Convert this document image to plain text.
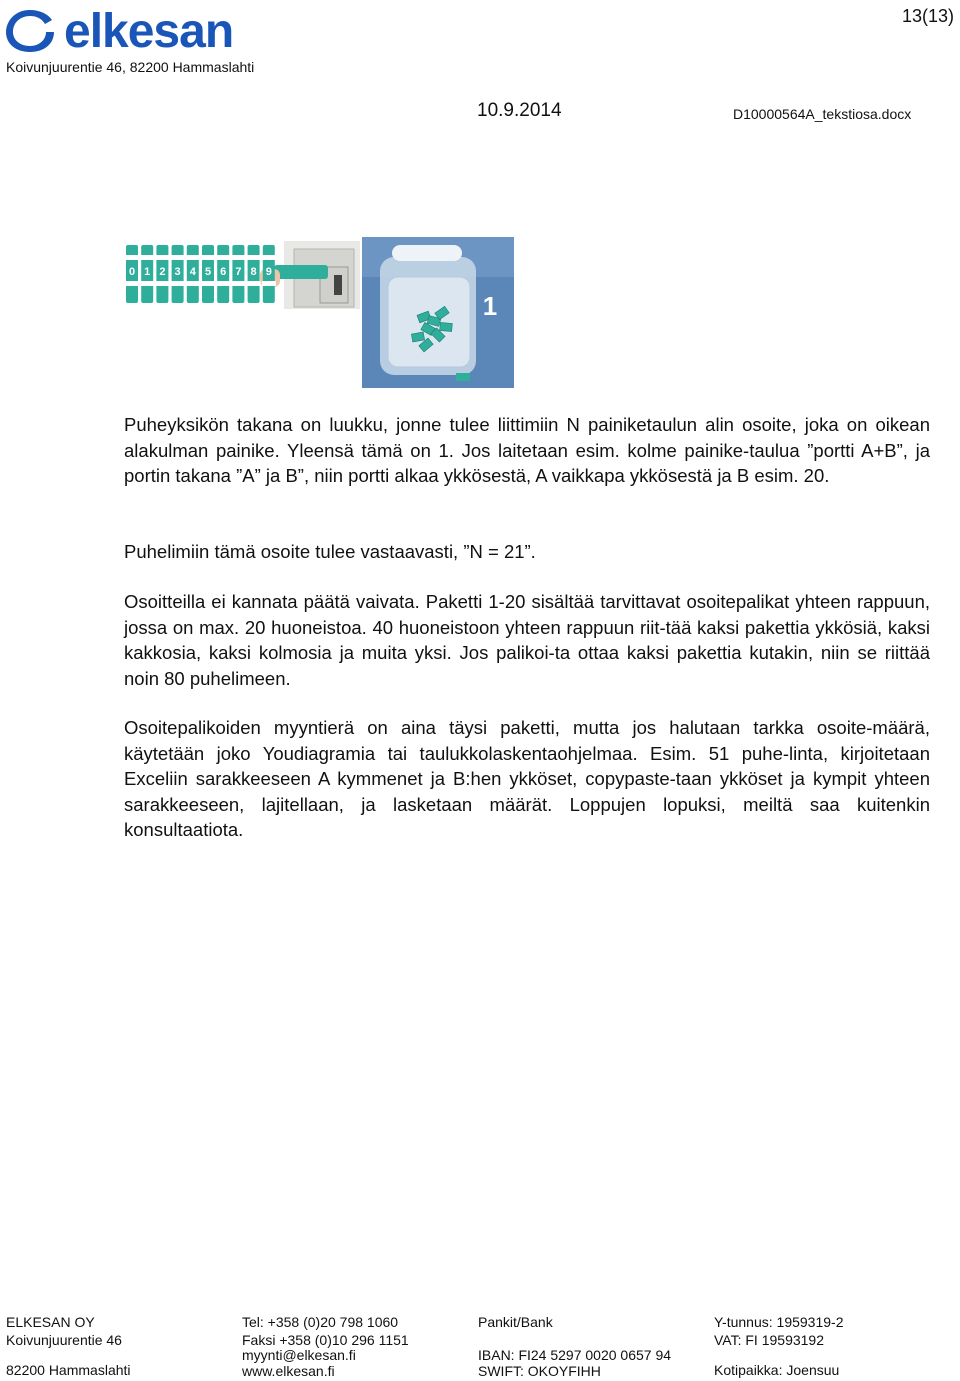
elkesan
Koivunjuurentie 46, 82200 Hammaslahti
13(13)
10.9.2014	D10000564A_tekstiosa.docx
0 1 2 3 4 5 6 7 8 9
1

Puheyksikön takana on luukku, jonne tulee liittimiin N painiketaulun alin osoite, joka on oikean alakulman painike. Yleensä tämä on 1. Jos laitetaan esim. kolme painike-taulua ”portti A+B”, ja portin takana ”A” ja B”, niin portti alkaa ykkösestä, A vaikkapa ykkösestä ja B esim. 20.

Puhelimiin tämä osoite tulee vastaavasti, ”N = 21”.

Osoitteilla ei kannata päätä vaivata. Paketti 1-20 sisältää tarvittavat osoitepalikat yhteen rappuun, jossa on max. 20 huoneistoa. 40 huoneistoon yhteen rappuun riit-tää kaksi pakettia ykkösiä, kaksi kakkosia, kaksi kolmosia ja muita yksi. Jos palikoi-ta ottaa kaksi pakettia kutakin, niin se riittää noin 80 puhelimeen.

Osoitepalikoiden myyntierä on aina täysi paketti, mutta jos halutaan tarkka osoite-määrä, käytetään joko Youdiagramia tai taulukkolaskentaohjelmaa. Esim. 51 puhe-linta, kirjoitetaan Exceliin sarakkeeseen A kymmenet ja B:hen ykköset, copypaste-taan ykköset ja kympit yhteen sarakkeeseen, lajitellaan, ja lasketaan määrät. Loppujen lopuksi, meiltä saa kuitenkin konsultaatiota.

ELKESAN OY
Koivunjuurentie 46
82200 Hammaslahti
Tel: +358 (0)20 798 1060
Faksi +358 (0)10 296 1151
myynti@elkesan.fi
www.elkesan.fi
Pankit/Bank
IBAN: FI24 5297 0020 0657 94
SWIFT: OKOYFIHH
Y-tunnus: 1959319-2
VAT: FI 19593192
Kotipaikka: Joensuu
